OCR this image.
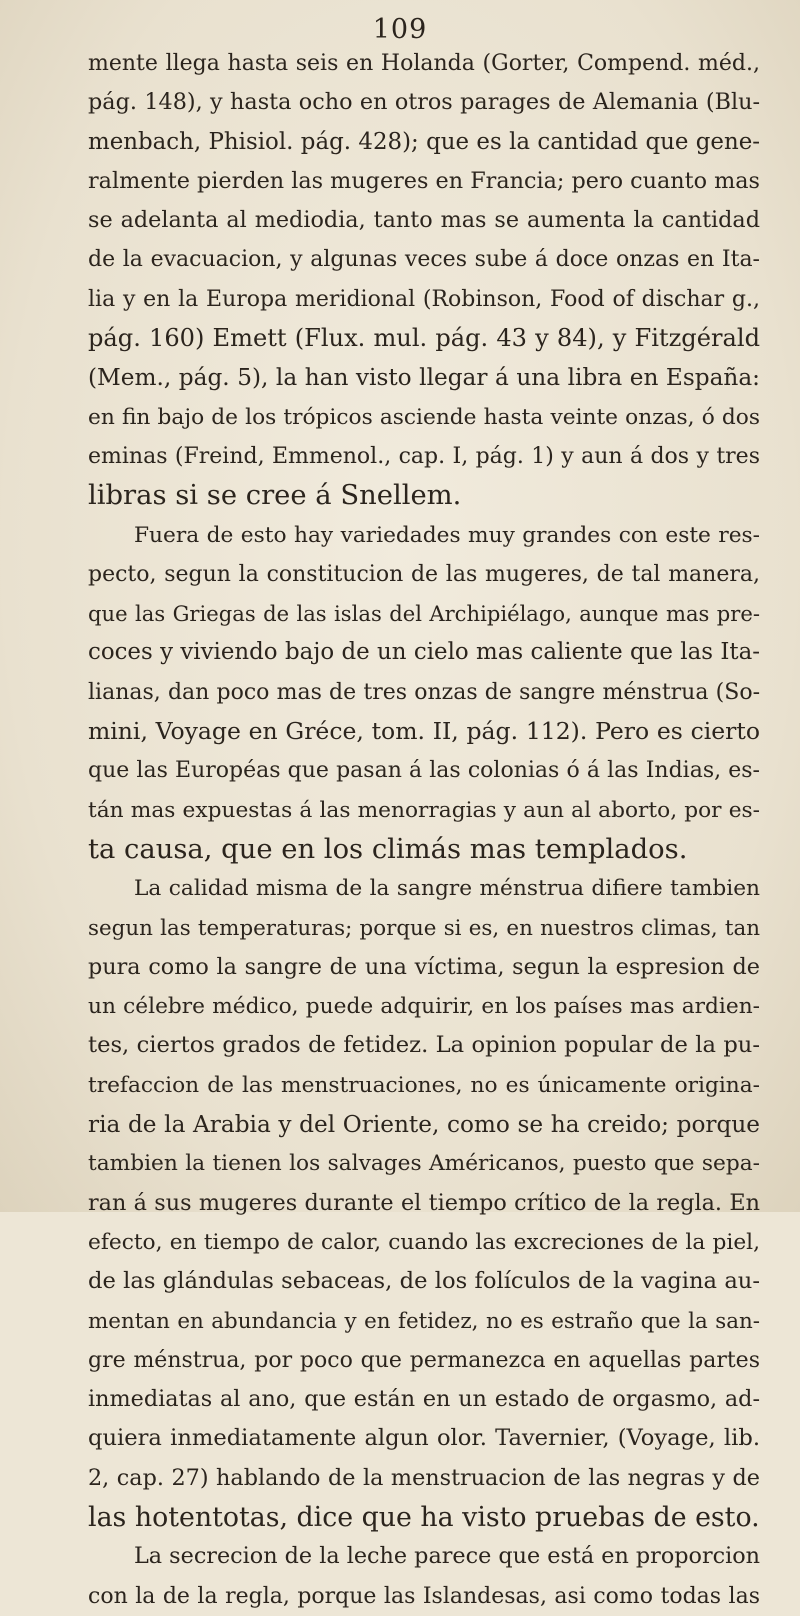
109
mente llega hasta seis en Holanda (Gorter, Compend. méd.,
pág. 148), y hasta ocho en otros parages de Alemania (Blu-
menbach, Phisiol. pág. 428); que es la cantidad que gene-
ralmente pierden las mugeres en Francia; pero cuanto mas
se adelanta al mediodia, tanto mas se aumenta la cantidad
de la evacuacion, y algunas veces sube á doce onzas en Ita-
lia y en la Europa meridional (Robinson, Food of dischar g.,
pág. 160) Emett (Flux. mul. pág. 43 y 84), y Fitzgérald
(Mem., pág. 5), la han visto llegar á una libra en España:
en fin bajo de los trópicos asciende hasta veinte onzas, ó dos
eminas (Freind, Emmenol., cap. I, pág. 1) y aun á dos y tres
libras si se cree á Snellem.
Fuera de esto hay variedades muy grandes con este res-
pecto, segun la constitucion de las mugeres, de tal manera,
que las Griegas de las islas del Archipiélago, aunque mas pre-
coces y viviendo bajo de un cielo mas caliente que las Ita-
lianas, dan poco mas de tres onzas de sangre ménstrua (So-
mini, Voyage en Gréce, tom. II, pág. 112). Pero es cierto
que las Européas que pasan á las colonias ó á las Indias, es-
tán mas expuestas á las menorragias y aun al aborto, por es-
ta causa, que en los climás mas templados.
La calidad misma de la sangre ménstrua difiere tambien
segun las temperaturas; porque si es, en nuestros climas, tan
pura como la sangre de una víctima, segun la espresion de
un célebre médico, puede adquirir, en los países mas ardien-
tes, ciertos grados de fetidez. La opinion popular de la pu-
trefaccion de las menstruaciones, no es únicamente origina-
ria de la Arabia y del Oriente, como se ha creido; porque
tambien la tienen los salvages Américanos, puesto que sepa-
ran á sus mugeres durante el tiempo crítico de la regla. En
efecto, en tiempo de calor, cuando las excreciones de la piel,
de las glándulas sebaceas, de los folículos de la vagina au-
mentan en abundancia y en fetidez, no es estraño que la san-
gre ménstrua, por poco que permanezca en aquellas partes
inmediatas al ano, que están en un estado de orgasmo, ad-
quiera inmediatamente algun olor. Tavernier, (Voyage, lib.
2, cap. 27) hablando de la menstruacion de las negras y de
las hotentotas, dice que ha visto pruebas de esto.
La secrecion de la leche parece que está en proporcion
con la de la regla, porque las Islandesas, asi como todas las
